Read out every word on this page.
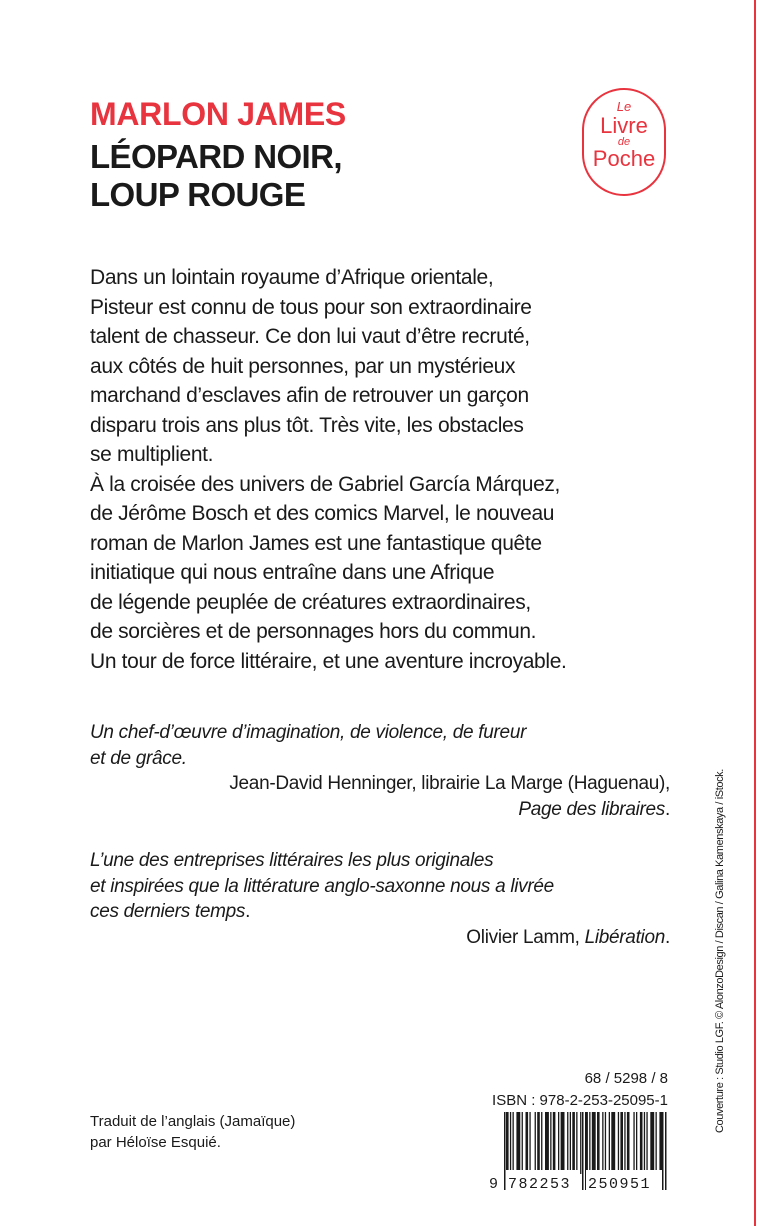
MARLON JAMES
LÉOPARD NOIR,
LOUP ROUGE
Le
Livre
de
Poche
Dans un lointain royaume d’Afrique orientale,
Pisteur est connu de tous pour son extraordinaire
talent de chasseur. Ce don lui vaut d’être recruté,
aux côtés de huit personnes, par un mystérieux
marchand d’esclaves afin de retrouver un garçon
disparu trois ans plus tôt. Très vite, les obstacles
se multiplient.
À la croisée des univers de Gabriel García Márquez,
de Jérôme Bosch et des comics Marvel, le nouveau
roman de Marlon James est une fantastique quête
initiatique qui nous entraîne dans une Afrique
de légende peuplée de créatures extraordinaires,
de sorcières et de personnages hors du commun.
Un tour de force littéraire, et une aventure incroyable.
Un chef-d’œuvre d’imagination, de violence, de fureur
et de grâce.
Jean-David Henninger, librairie La Marge (Haguenau),
Page des libraires.
L’une des entreprises littéraires les plus originales
et inspirées que la littérature anglo-saxonne nous a livrée
ces derniers temps.
Olivier Lamm, Libération.	Couverture : Studio LGF. © AlonzoDesign / Discan / Galina Kamenskaya / iStock.
68 / 5298 / 8
ISBN : 978-2-253-25095-1
Traduit de l’anglais (Jamaïque)
par Héloïse Esquié.
9 782253 250951
